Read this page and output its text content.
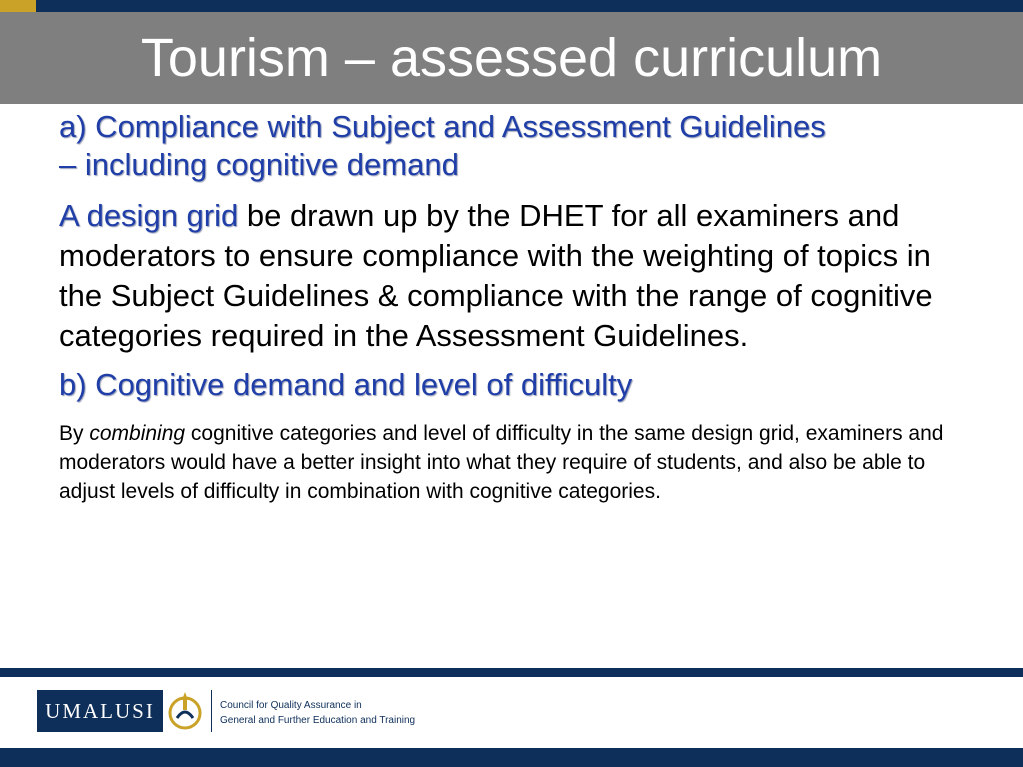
Tourism – assessed curriculum

a) Compliance with Subject and Assessment Guidelines
– including cognitive demand

A design grid be drawn up by the DHET for all examiners and moderators to ensure compliance with the weighting of topics in the Subject Guidelines & compliance with the range of cognitive categories required in the Assessment Guidelines.

b) Cognitive demand and level of difficulty

By combining cognitive categories and level of difficulty in the same design grid, examiners and moderators would have a better insight into what they require of students, and also be able to adjust levels of difficulty in combination with cognitive categories.

UMALUSI	Council for Quality Assurance in
General and Further Education and Training
